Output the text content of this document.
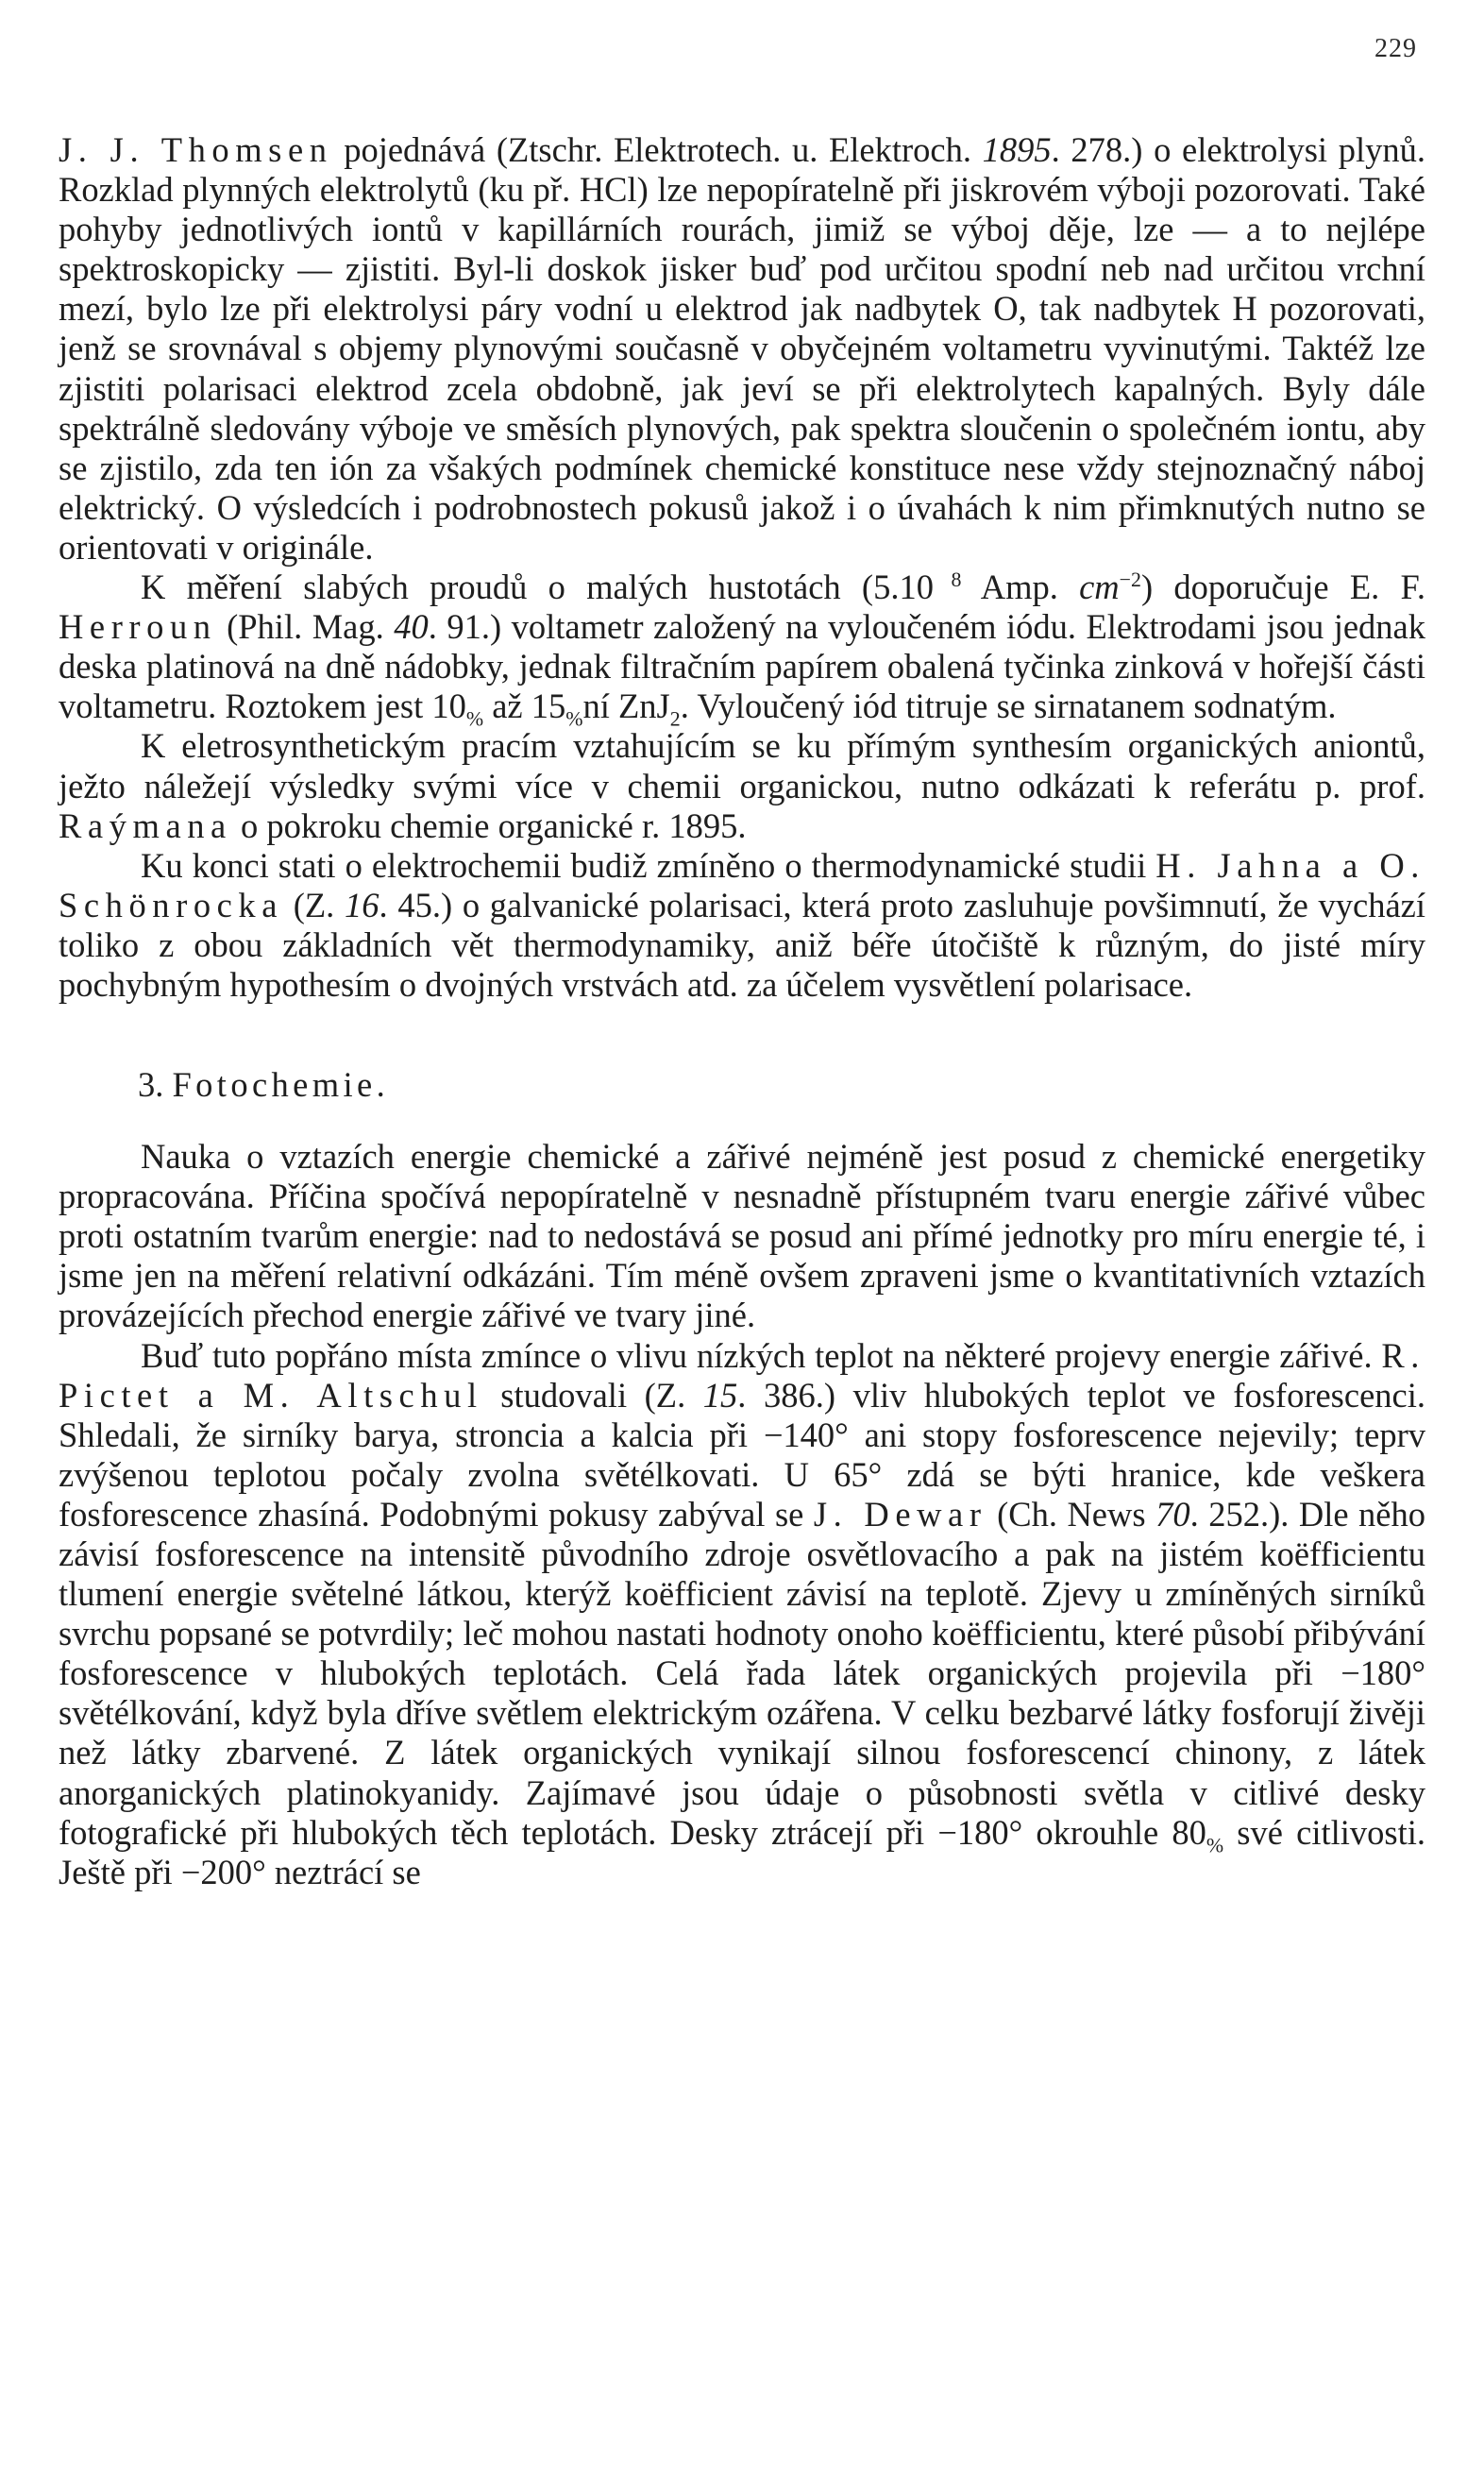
229

J. J. Thomsen pojednává (Ztschr. Elektrotech. u. Elektroch. 1895. 278.) o elektrolysi plynů. Rozklad plynných elektrolytů (ku př. HCl) lze nepopíratelně při jiskrovém výboji pozorovati. Také pohyby jednotlivých iontů v kapillárních rourách, jimiž se výboj děje, lze — a to nejlépe spektroskopicky — zjistiti. Byl-li doskok jisker buď pod určitou spodní neb nad určitou vrchní mezí, bylo lze při elektrolysi páry vodní u elektrod jak nadbytek O, tak nadbytek H pozorovati, jenž se srovnával s objemy plynovými současně v obyčejném voltametru vyvinutými. Taktéž lze zjistiti polarisaci elektrod zcela obdobně, jak jeví se při elektrolytech kapalných. Byly dále spektrálně sledovány výboje ve směsích plynových, pak spektra sloučenin o společném iontu, aby se zjistilo, zda ten ión za všakých podmínek chemické konstituce nese vždy stejnoznačný náboj elektrický. O výsledcích i podrobnostech pokusů jakož i o úvahách k nim přimknutých nutno se orientovati v originále.

K měření slabých proudů o malých hustotách (5.10 $^8$ Amp. $cm^{-2}$) doporučuje E. F. Herroun (Phil. Mag. 40. 91.) voltametr založený na vyloučeném iódu. Elektrodami jsou jednak deska platinová na dně nádobky, jednak filtračním papírem obalená tyčinka zinková v hořejší části voltametru. Roztokem jest $10_{\%}$ až $15_{\%}ní$ ZnJ$_2$. Vyloučený iód titruje se sirnatanem sodnatým.

K eletrosynthetickým pracím vztahujícím se ku přímým synthesím organických aniontů, ježto náležejí výsledky svými více v chemii organickou, nutno odkázati k referátu p. prof. Raýmana o pokroku chemie organické r. 1895.

Ku konci stati o elektrochemii budiž zmíněno o thermodynamické studii H. Jahna a O. Schönrocka (Z. 16. 45.) o galvanické polarisaci, která proto zasluhuje povšimnutí, že vychází toliko z obou základních vět thermodynamiky, aniž béře útočiště k různým, do jisté míry pochybným hypothesím o dvojných vrstvách atd. za účelem vysvětlení polarisace.

3. Fotochemie.

Nauka o vztazích energie chemické a zářivé nejméně jest posud z chemické energetiky propracována. Příčina spočívá nepopíratelně v nesnadně přístupném tvaru energie zářivé vůbec proti ostatním tvarům energie: nad to nedostává se posud ani přímé jednotky pro míru energie té, i jsme jen na měření relativní odkázáni. Tím méně ovšem zpraveni jsme o kvantitativních vztazích provázejících přechod energie zářivé ve tvary jiné.

Buď tuto popřáno místa zmínce o vlivu nízkých teplot na některé projevy energie zářivé. R. Pictet a M. Altschul studovali (Z. 15. 386.) vliv hlubokých teplot ve fosforescenci. Shledali, že sirníky barya, stroncia a kalcia při −140° ani stopy fosforescence nejevily; teprv zvýšenou teplotou počaly zvolna světélkovati. U 65° zdá se býti hranice, kde veškera fosforescence zhasíná. Podobnými pokusy zabýval se J. Dewar (Ch. News 70. 252.). Dle něho závisí fosforescence na intensitě původního zdroje osvětlovacího a pak na jistém koëfficientu tlumení energie světelné látkou, kterýž koëfficient závisí na teplotě. Zjevy u zmíněných sirníků svrchu popsané se potvrdily; leč mohou nastati hodnoty onoho koëfficientu, které působí přibývání fosforescence v hlubokých teplotách. Celá řada látek organických projevila při −180° světélkování, když byla dříve světlem elektrickým ozářena. V celku bezbarvé látky fosforují živěji než látky zbarvené. Z látek organických vynikají silnou fosforescencí chinony, z látek anorganických platinokyanidy. Zajímavé jsou údaje o působnosti světla v citlivé desky fotografické při hlubokých těch teplotách. Desky ztrácejí při −180° okrouhle $80_{\%}$ své citlivosti. Ještě při −200° neztrácí se
